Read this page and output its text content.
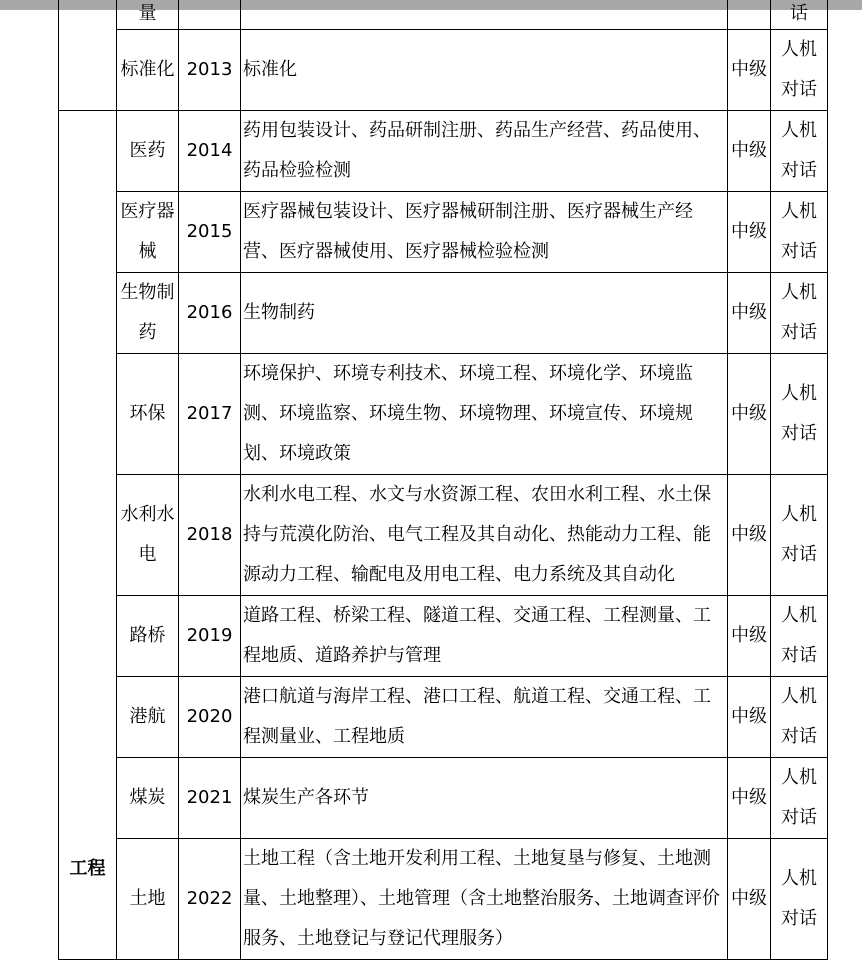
	量				话
	标准化	2013	标准化	中级	人机对话
工程	医药	2014	药用包装设计、药品研制注册、药品生产经营、药品使用、药品检验检测	中级	人机对话
	医疗器械	2015	医疗器械包装设计、医疗器械研制注册、医疗器械生产经营、医疗器械使用、医疗器械检验检测	中级	人机对话
	生物制药	2016	生物制药	中级	人机对话
	环保	2017	环境保护、环境专利技术、环境工程、环境化学、环境监测、环境监察、环境生物、环境物理、环境宣传、环境规划、环境政策	中级	人机对话
	水利水电	2018	水利水电工程、水文与水资源工程、农田水利工程、水土保持与荒漠化防治、电气工程及其自动化、热能动力工程、能源动力工程、输配电及用电工程、电力系统及其自动化	中级	人机对话
	路桥	2019	道路工程、桥梁工程、隧道工程、交通工程、工程测量、工程地质、道路养护与管理	中级	人机对话
	港航	2020	港口航道与海岸工程、港口工程、航道工程、交通工程、工程测量业、工程地质	中级	人机对话
	煤炭	2021	煤炭生产各环节	中级	人机对话
	土地	2022	土地工程（含土地开发利用工程、土地复垦与修复、土地测量、土地整理）、土地管理（含土地整治服务、土地调查评价服务、土地登记与登记代理服务）	中级	人机对话
